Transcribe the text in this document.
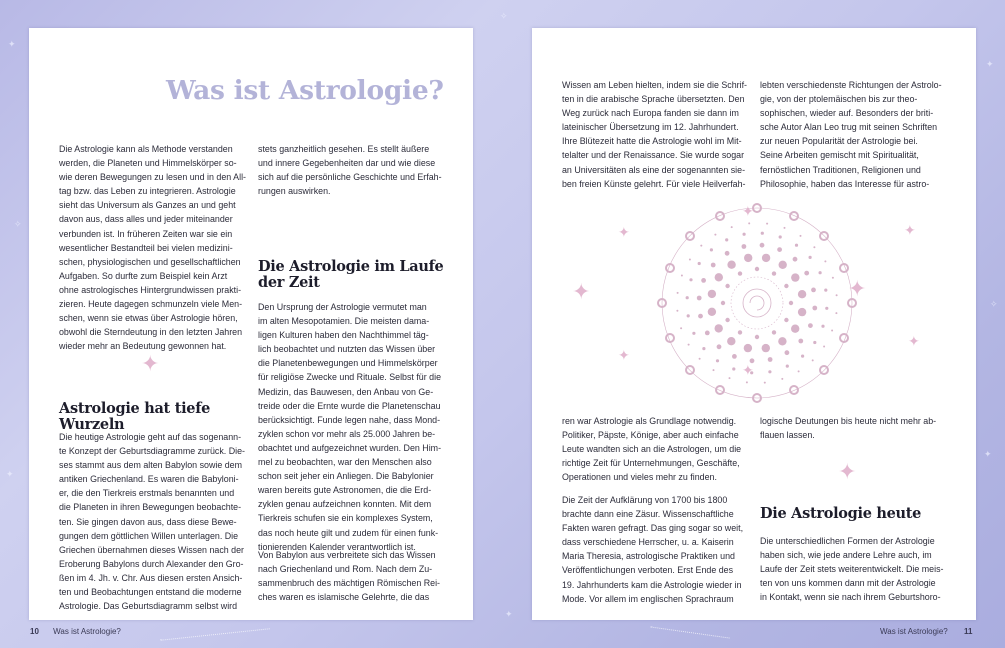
✦
✧
✦
✦
✧
✦
✧
✦
Was ist Astrologie?

Die Astrologie kann als Methode verstanden
werden, die Planeten und Himmelskörper so-
wie deren Bewegungen zu lesen und in den All-
tag bzw. das Leben zu integrieren. Astrologie
sieht das Universum als Ganzes an und geht
davon aus, dass alles und jeder miteinander
verbunden ist. In früheren Zeiten war sie ein
wesentlicher Bestandteil bei vielen medizini-
schen, physiologischen und gesellschaftlichen
Aufgaben. So durfte zum Beispiel kein Arzt
ohne astrologisches Hintergrundwissen prakti-
zieren. Heute dagegen schmunzeln viele Men-
schen, wenn sie etwas über Astrologie hören,
obwohl die Sterndeutung in den letzten Jahren
wieder mehr an Bedeutung gewonnen hat.

✦
Astrologie hat tiefe Wurzeln

Die heutige Astrologie geht auf das sogenann-
te Konzept der Geburtsdiagramme zurück. Die-
ses stammt aus dem alten Babylon sowie dem
antiken Griechenland. Es waren die Babyloni-
er, die den Tierkreis erstmals benannten und
die Planeten in ihren Bewegungen beobachte-
ten. Sie gingen davon aus, dass diese Bewe-
gungen dem göttlichen Willen unterlagen. Die
Griechen übernahmen dieses Wissen nach der
Eroberung Babylons durch Alexander den Gro-
ßen im 4. Jh. v. Chr. Aus diesen ersten Ansich-
ten und Beobachtungen entstand die moderne
Astrologie. Das Geburtsdiagramm selbst wird

stets ganzheitlich gesehen. Es stellt äußere
und innere Gegebenheiten dar und wie diese
sich auf die persönliche Geschichte und Erfah-
rungen auswirken.

Die Astrologie im Laufe
der Zeit

Den Ursprung der Astrologie vermutet man
im alten Mesopotamien. Die meisten dama-
ligen Kulturen haben den Nachthimmel täg-
lich beobachtet und nutzten das Wissen über
die Planetenbewegungen und Himmelskörper
für religiöse Zwecke und Rituale. Selbst für die
Medizin, das Bauwesen, den Anbau von Ge-
treide oder die Ernte wurde die Planetenschau
berücksichtigt. Funde legen nahe, dass Mond-
zyklen schon vor mehr als 25.000 Jahren be-
obachtet und aufgezeichnet wurden. Den Him-
mel zu beobachten, war den Menschen also
schon seit jeher ein Anliegen. Die Babylonier
waren bereits gute Astronomen, die die Erd-
zyklen genau aufzeichnen konnten. Mit dem
Tierkreis schufen sie ein komplexes System,
das noch heute gilt und zudem für einen funk-
tionierenden Kalender verantwortlich ist.

Von Babylon aus verbreitete sich das Wissen
nach Griechenland und Rom. Nach dem Zu-
sammenbruch des mächtigen Römischen Rei-
ches waren es islamische Gelehrte, die das

Wissen am Leben hielten, indem sie die Schrif-
ten in die arabische Sprache übersetzten. Den
Weg zurück nach Europa fanden sie dann im
lateinischer Übersetzung im 12. Jahrhundert.
Ihre Blütezeit hatte die Astrologie wohl im Mit-
telalter und der Renaissance. Sie wurde sogar
an Universitäten als eine der sogenannten sie-
ben freien Künste gelehrt. Für viele Heilverfah-

lebten verschiedenste Richtungen der Astrolo-
gie, von der ptolemäischen bis zur theo-
sophischen, wieder auf. Besonders der briti-
sche Autor Alan Leo trug mit seinen Schriften
zur neuen Popularität der Astrologie bei.
Seine Arbeiten gemischt mit Spiritualität,
fernöstlichen Traditionen, Religionen und
Philosophie, haben das Interesse für astro-

✦
✦
✦
✦
✦
✦
✦
✦

ren war Astrologie als Grundlage notwendig.
Politiker, Päpste, Könige, aber auch einfache
Leute wandten sich an die Astrologen, um die
richtige Zeit für Unternehmungen, Geschäfte,
Operationen und vieles mehr zu finden.

Die Zeit der Aufklärung von 1700 bis 1800
brachte dann eine Zäsur. Wissenschaftliche
Fakten waren gefragt. Das ging sogar so weit,
dass verschiedene Herrscher, u. a. Kaiserin
Maria Theresia, astrologische Praktiken und
Veröffentlichungen verboten. Erst Ende des
19. Jahrhunderts kam die Astrologie wieder in
Mode. Vor allem im englischen Sprachraum

logische Deutungen bis heute nicht mehr ab-
flauen lassen.

✦
Die Astrologie heute

Die unterschiedlichen Formen der Astrologie
haben sich, wie jede andere Lehre auch, im
Laufe der Zeit stets weiterentwickelt. Die meis-
ten von uns kommen dann mit der Astrologie
in Kontakt, wenn sie nach ihrem Geburtshoro-

10 Was ist Astrologie?	Was ist Astrologie? 11
